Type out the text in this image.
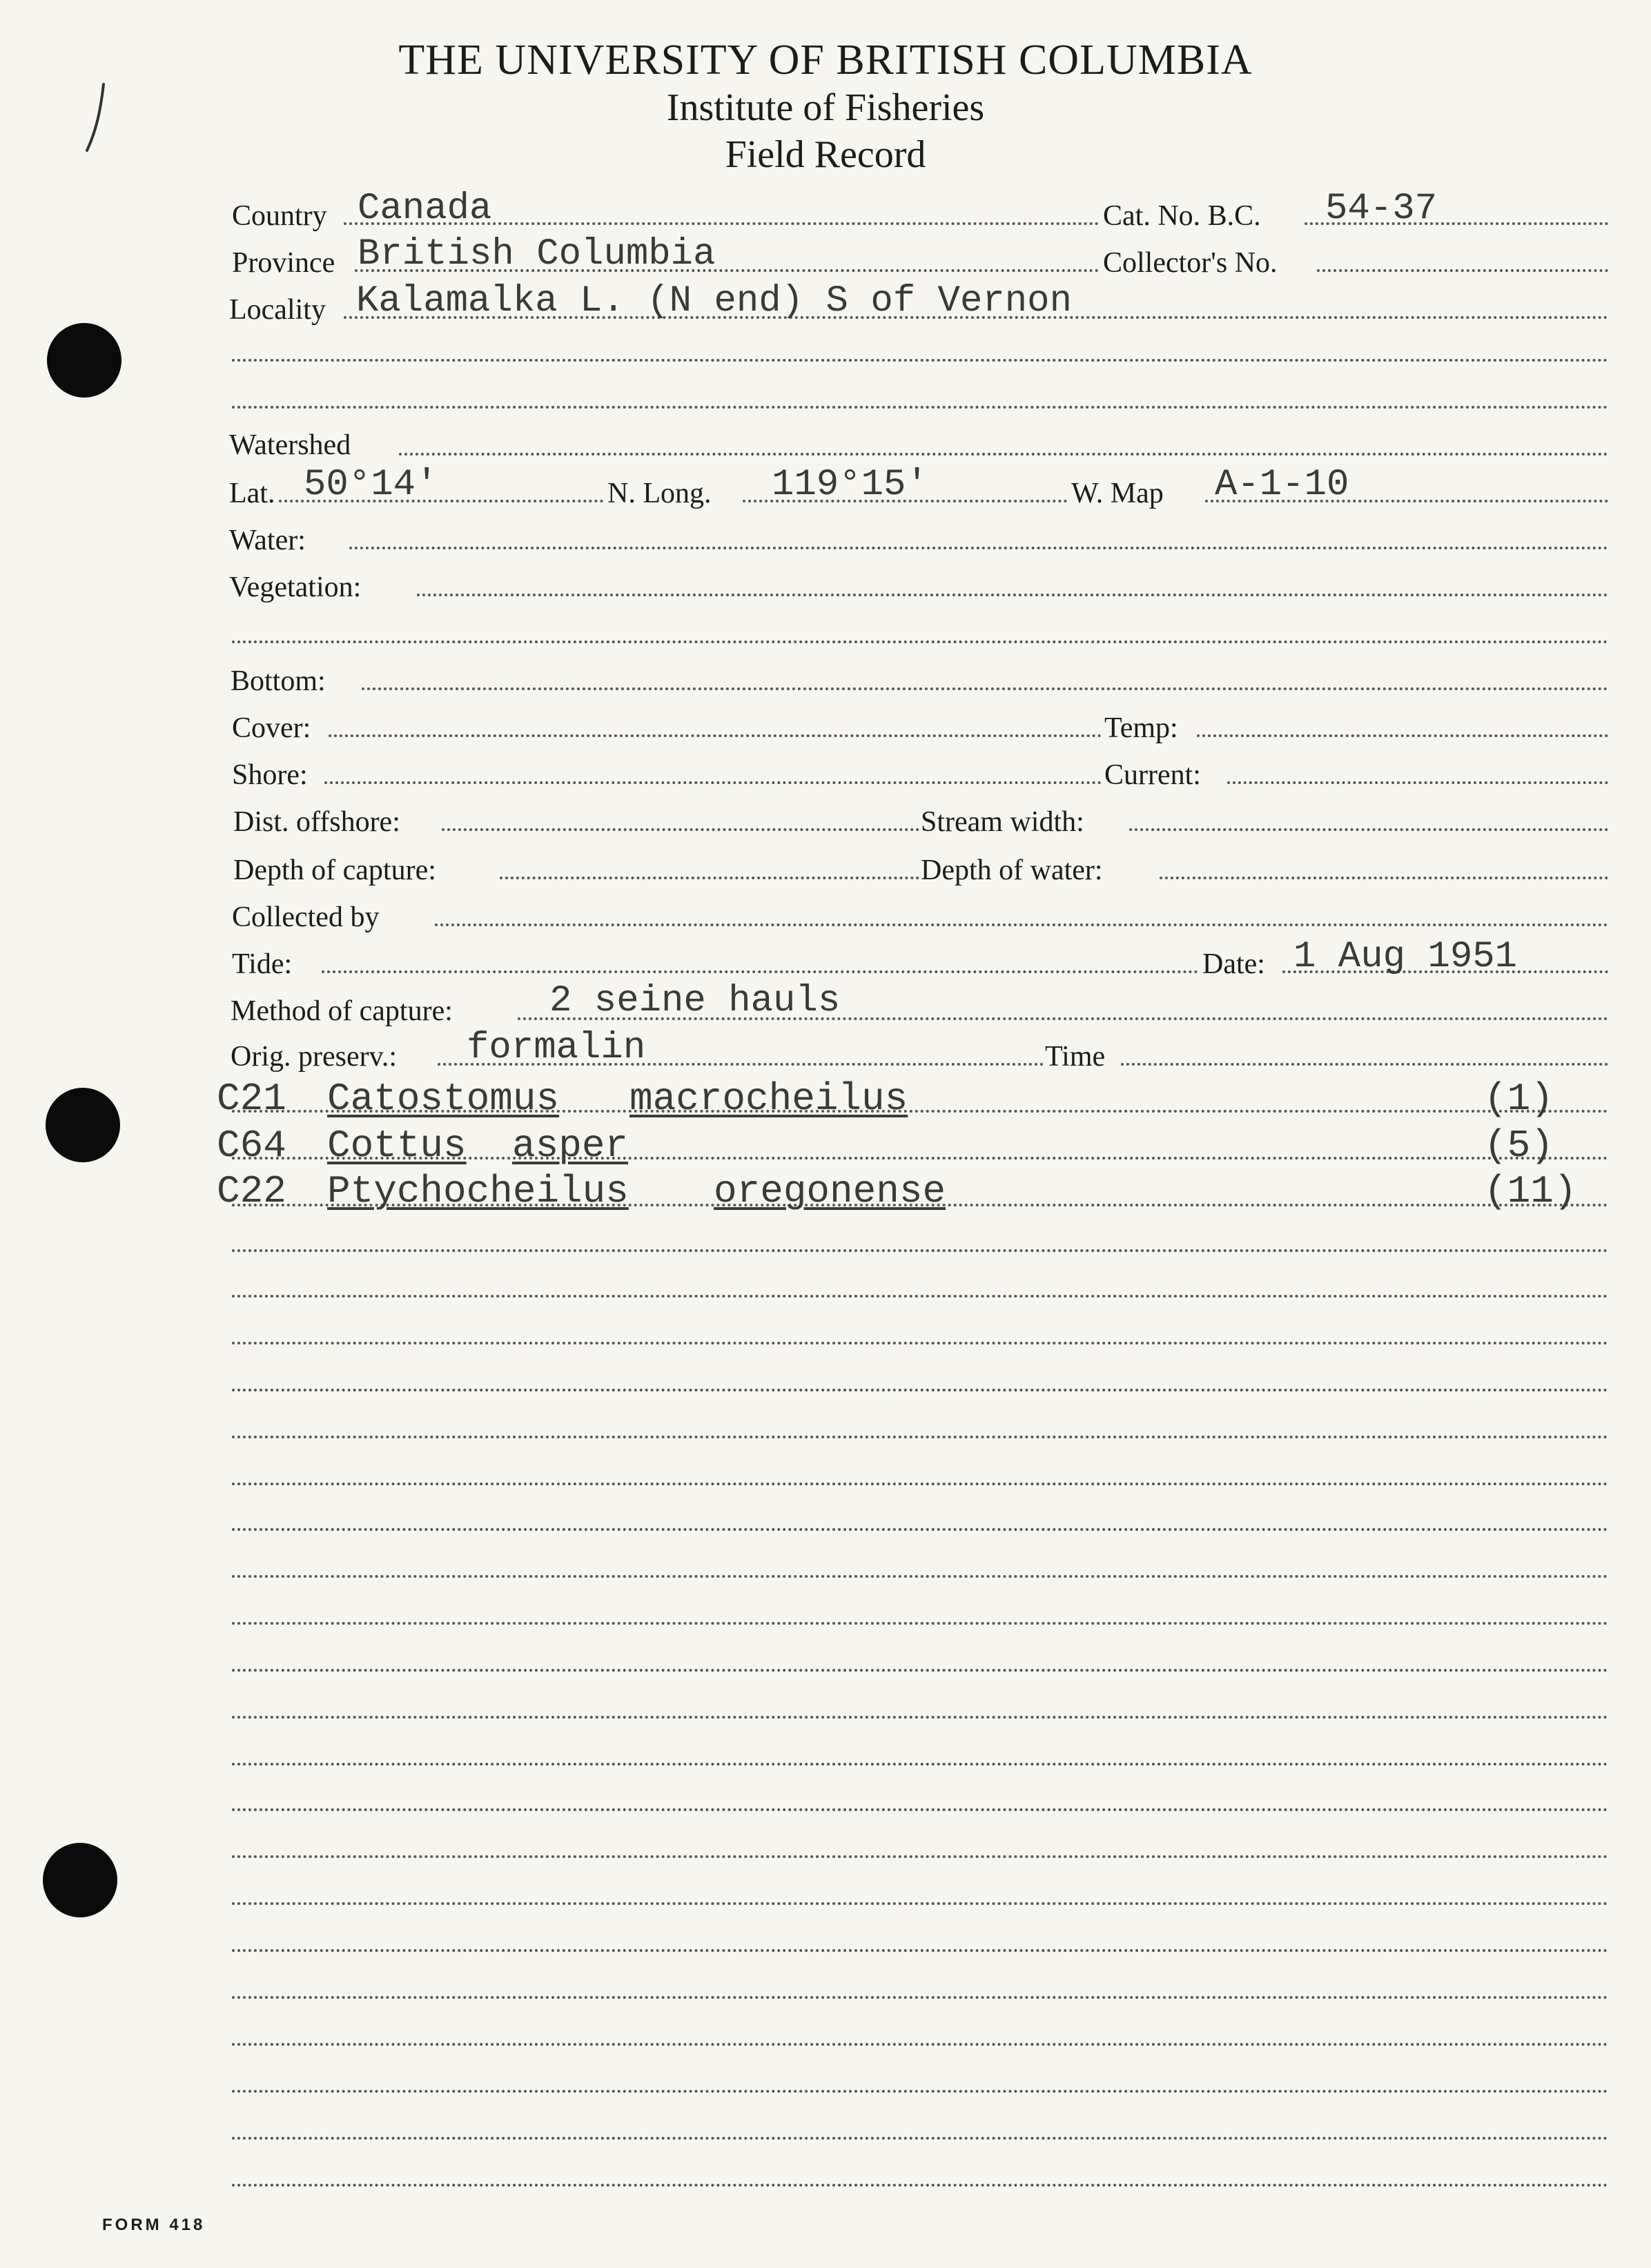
THE UNIVERSITY OF BRITISH COLUMBIA
Institute of Fisheries
Field Record
Country Canada	Cat. No. B.C. 54-37
Province British Columbia	Collector's No.
Locality Kalamalka L. (N end) S of Vernon
Watershed
Lat. 50°14'	N. Long. 119°15'	W. Map A-1-10
Water:
Vegetation:
Bottom:
Cover:	Temp:
Shore:	Current:
Dist. offshore:	Stream width:
Depth of capture:	Depth of water:
Collected by
Tide:	Date: 1 Aug 1951
Method of capture:	2 seine hauls
Orig. preserv.: formalin	Time
C21 Catostomus macrocheilus	(1)
C64 Cottus asper	(5)
C22 Ptychocheilus oregonense	(11)
FORM 418
